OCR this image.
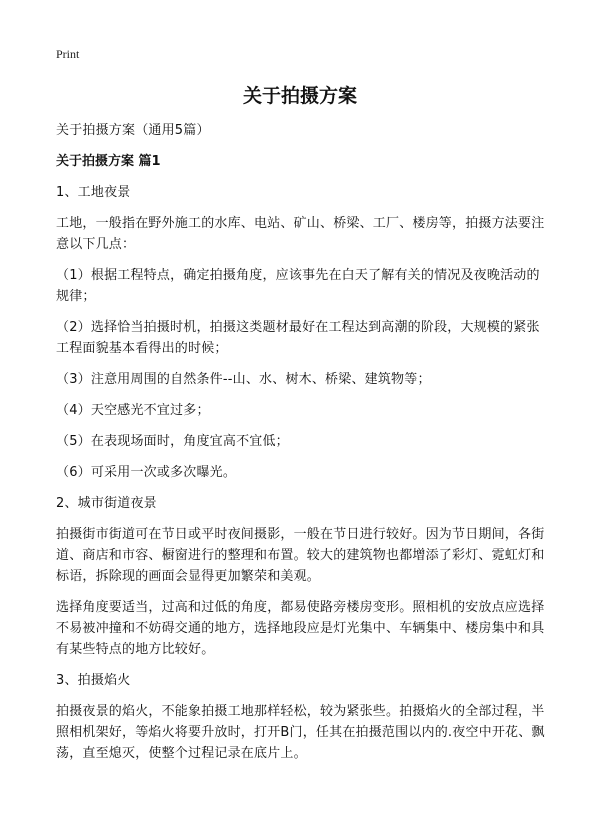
Print
关于拍摄方案

关于拍摄方案（通用5篇）

关于拍摄方案 篇1

1、工地夜景

工地，一般指在野外施工的水库、电站、矿山、桥梁、工厂、楼房等，拍摄方法要注意以下几点：

（1）根据工程特点，确定拍摄角度，应该事先在白天了解有关的情况及夜晚活动的规律；

（2）选择恰当拍摄时机，拍摄这类题材最好在工程达到高潮的阶段，大规模的紧张工程面貌基本看得出的时候；

（3）注意用周围的自然条件--山、水、树木、桥梁、建筑物等；

（4）天空感光不宜过多；

（5）在表现场面时，角度宜高不宜低；

（6）可采用一次或多次曝光。

2、城市街道夜景

拍摄街市街道可在节日或平时夜间摄影，一般在节日进行较好。因为节日期间，各街道、商店和市容、橱窗进行的整理和布置。较大的建筑物也都增添了彩灯、霓虹灯和标语，拆除现的画面会显得更加繁荣和美观。

选择角度要适当，过高和过低的角度，都易使路旁楼房变形。照相机的安放点应选择不易被冲撞和不妨碍交通的地方，选择地段应是灯光集中、车辆集中、楼房集中和具有某些特点的地方比较好。

3、拍摄焰火

拍摄夜景的焰火，不能象拍摄工地那样轻松，较为紧张些。拍摄焰火的全部过程，半照相机架好，等焰火将要升放时，打开B门，任其在拍摄范围以内的.夜空中开花、飘荡，直至熄灭，使整个过程记录在底片上。
